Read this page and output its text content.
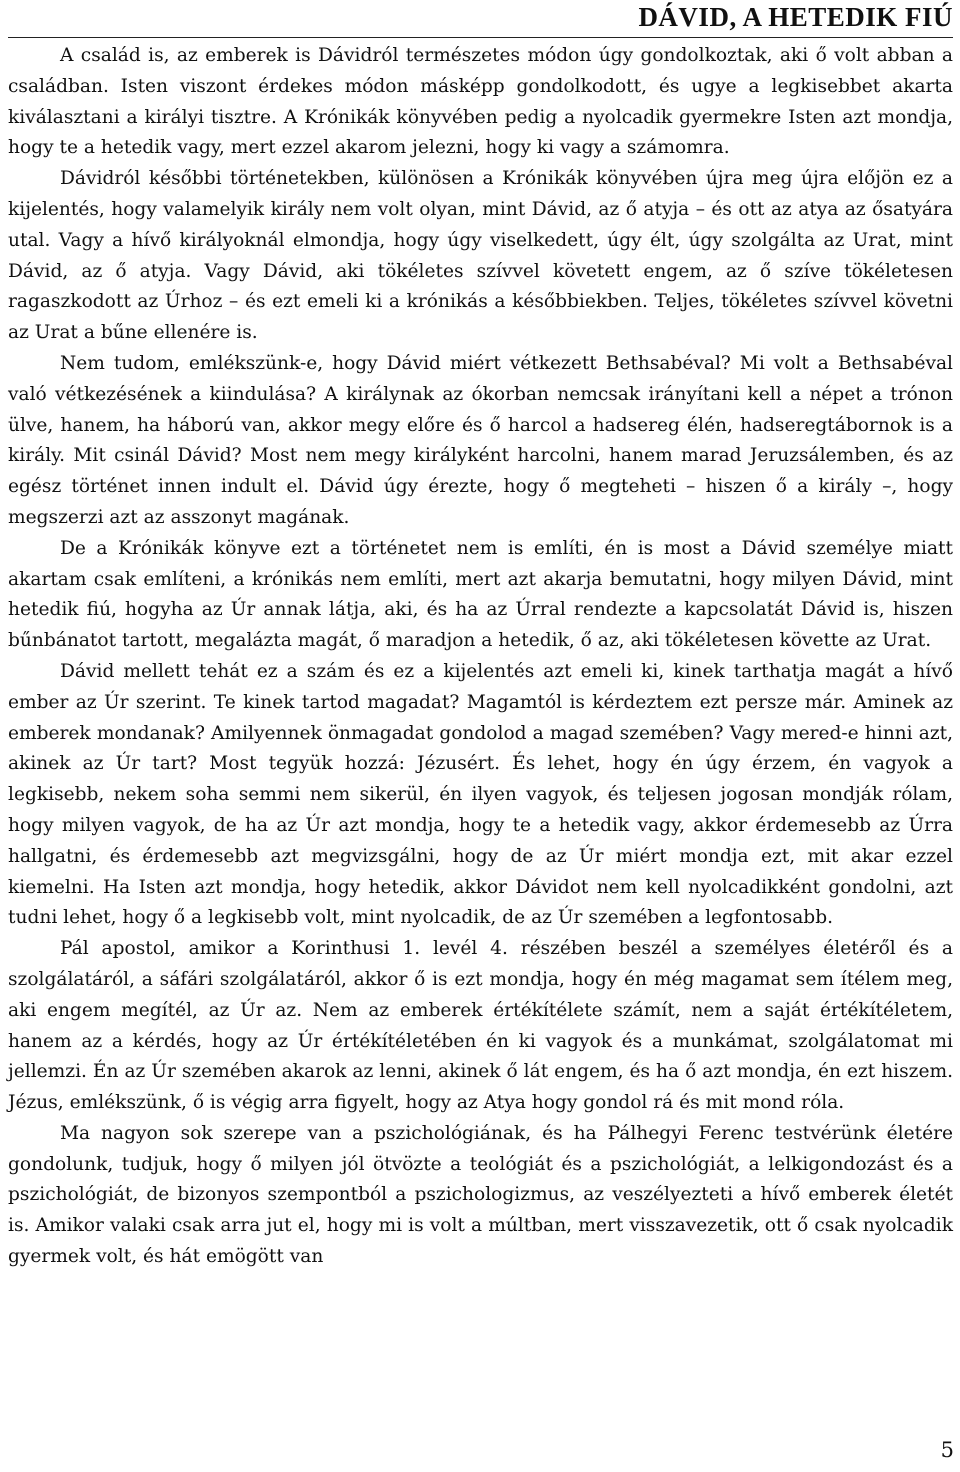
DÁVID, A HETEDIK FIÚ

A család is, az emberek is Dávidról természetes módon úgy gondolkoztak, aki ő volt abban a családban. Isten viszont érdekes módon másképp gondolkodott, és ugye a legkisebbet akarta kiválasztani a királyi tisztre. A Krónikák könyvében pedig a nyolcadik gyermekre Isten azt mondja, hogy te a hetedik vagy, mert ezzel akarom jelezni, hogy ki vagy a számomra.

Dávidról későbbi történetekben, különösen a Krónikák könyvében újra meg újra előjön ez a kijelentés, hogy valamelyik király nem volt olyan, mint Dávid, az ő atyja – és ott az atya az ősatyára utal. Vagy a hívő királyoknál elmondja, hogy úgy viselkedett, úgy élt, úgy szolgálta az Urat, mint Dávid, az ő atyja. Vagy Dávid, aki tökéletes szívvel követett engem, az ő szíve tökéletesen ragaszkodott az Úrhoz – és ezt emeli ki a krónikás a későbbiekben. Teljes, tökéletes szívvel követni az Urat a bűne ellenére is.

Nem tudom, emlékszünk-e, hogy Dávid miért vétkezett Bethsabéval? Mi volt a Bethsabéval való vétkezésének a kiindulása? A királynak az ókorban nemcsak irányítani kell a népet a trónon ülve, hanem, ha háború van, akkor megy előre és ő harcol a hadsereg élén, hadseregtábornok is a király. Mit csinál Dávid? Most nem megy királyként harcolni, hanem marad Jeruzsálemben, és az egész történet innen indult el. Dávid úgy érezte, hogy ő megteheti – hiszen ő a király –, hogy megszerzi azt az asszonyt magának.

De a Krónikák könyve ezt a történetet nem is említi, én is most a Dávid személye miatt akartam csak említeni, a krónikás nem említi, mert azt akarja bemutatni, hogy milyen Dávid, mint hetedik fiú, hogyha az Úr annak látja, aki, és ha az Úrral rendezte a kapcsolatát Dávid is, hiszen bűnbánatot tartott, megalázta magát, ő maradjon a hetedik, ő az, aki tökéletesen követte az Urat.

Dávid mellett tehát ez a szám és ez a kijelentés azt emeli ki, kinek tarthatja magát a hívő ember az Úr szerint. Te kinek tartod magadat? Magamtól is kérdeztem ezt persze már. Aminek az emberek mondanak? Amilyennek önmagadat gondolod a magad szemében? Vagy mered-e hinni azt, akinek az Úr tart? Most tegyük hozzá: Jézusért. És lehet, hogy én úgy érzem, én vagyok a legkisebb, nekem soha semmi nem sikerül, én ilyen vagyok, és teljesen jogosan mondják rólam, hogy milyen vagyok, de ha az Úr azt mondja, hogy te a hetedik vagy, akkor érdemesebb az Úrra hallgatni, és érdemesebb azt megvizsgálni, hogy de az Úr miért mondja ezt, mit akar ezzel kiemelni. Ha Isten azt mondja, hogy hetedik, akkor Dávidot nem kell nyolcadikként gondolni, azt tudni lehet, hogy ő a legkisebb volt, mint nyolcadik, de az Úr szemében a legfontosabb.

Pál apostol, amikor a Korinthusi 1. levél 4. részében beszél a személyes életéről és a szolgálatáról, a sáfári szolgálatáról, akkor ő is ezt mondja, hogy én még magamat sem ítélem meg, aki engem megítél, az Úr az. Nem az emberek értékítélete számít, nem a saját értékítéletem, hanem az a kérdés, hogy az Úr értékítéletében én ki vagyok és a munkámat, szolgálatomat mi jellemzi. Én az Úr szemében akarok az lenni, akinek ő lát engem, és ha ő azt mondja, én ezt hiszem. Jézus, emlékszünk, ő is végig arra figyelt, hogy az Atya hogy gondol rá és mit mond róla.

Ma nagyon sok szerepe van a pszichológiának, és ha Pálhegyi Ferenc testvérünk életére gondolunk, tudjuk, hogy ő milyen jól ötvözte a teológiát és a pszichológiát, a lelkigondozást és a pszichológiát, de bizonyos szempontból a pszichologizmus, az veszélyezteti a hívő emberek életét is. Amikor valaki csak arra jut el, hogy mi is volt a múltban, mert visszavezetik, ott ő csak nyolcadik gyermek volt, és hát emögött van

5
